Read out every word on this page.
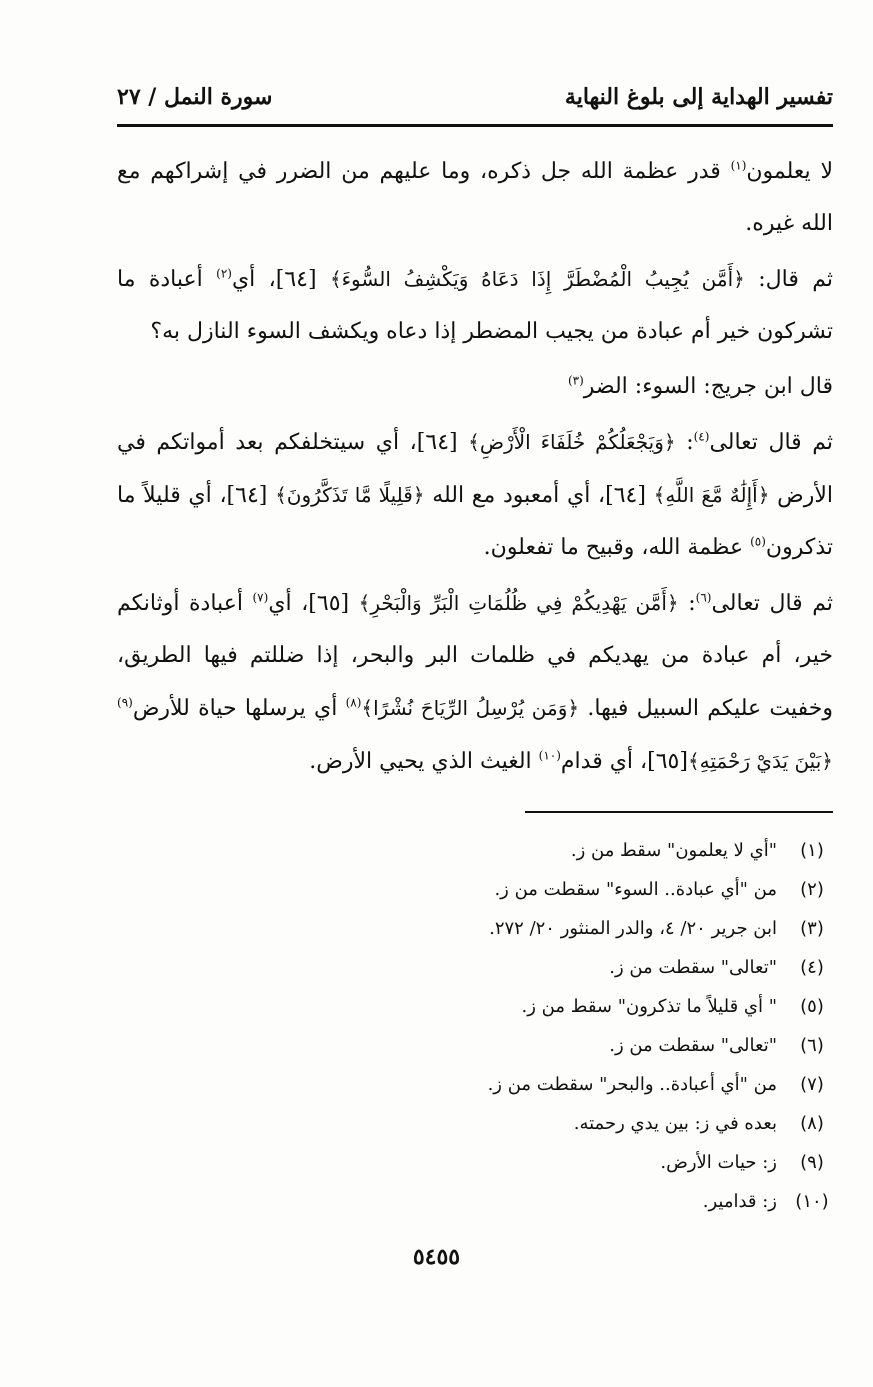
تفسير الهداية إلى بلوغ النهاية
سورة النمل / ٢٧

لا يعلمون$^{(١)}$ قدر عظمة الله جل ذكره، وما عليهم من الضرر في إشراكهم مع الله غيره.

ثم قال: ﴿أَمَّن يُجِيبُ الْمُضْطَرَّ إِذَا دَعَاهُ وَيَكْشِفُ السُّوءَ﴾ [٦٤]، أي$^{(٢)}$ أعبادة ما تشركون خير أم عبادة من يجيب المضطر إذا دعاه ويكشف السوء النازل به؟

قال ابن جريج: السوء: الضر$^{(٣)}$

ثم قال تعالى$^{(٤)}$: ﴿وَيَجْعَلُكُمْ خُلَفَاءَ الْأَرْضِ﴾ [٦٤]، أي سيتخلفكم بعد أمواتكم في الأرض ﴿أَإِلَٰهٌ مَّعَ اللَّهِ﴾ [٦٤]، أي أمعبود مع الله ﴿قَلِيلًا مَّا تَذَكَّرُونَ﴾ [٦٤]، أي قليلاً ما تذكرون$^{(٥)}$ عظمة الله، وقبيح ما تفعلون.

ثم قال تعالى$^{(٦)}$: ﴿أَمَّن يَهْدِيكُمْ فِي ظُلُمَاتِ الْبَرِّ وَالْبَحْرِ﴾ [٦٥]، أي$^{(٧)}$ أعبادة أوثانكم خير، أم عبادة من يهديكم في ظلمات البر والبحر، إذا ضللتم فيها الطريق، وخفيت عليكم السبيل فيها. ﴿وَمَن يُرْسِلُ الرِّيَاحَ نُشْرًا﴾$^{(٨)}$ أي يرسلها حياة للأرض$^{(٩)}$ ﴿بَيْنَ يَدَيْ رَحْمَتِهِ﴾[٦٥]، أي قدام$^{(١٠)}$ الغيث الذي يحيي الأرض.

(١)
"أي لا يعلمون" سقط من ز.
(٢)
من "أي عبادة.. السوء" سقطت من ز.
(٣)
ابن جرير ٢٠/ ٤، والدر المنثور ٢٠/ ٢٧٢.
(٤)
"تعالى" سقطت من ز.
(٥)
" أي قليلاً ما تذكرون" سقط من ز.
(٦)
"تعالى" سقطت من ز.
(٧)
من "أي أعبادة.. والبحر" سقطت من ز.
(٨)
بعده في ز: بين يدي رحمته.
(٩)
ز: حيات الأرض.
(١٠)
ز: قدامير.
٥٤٥٥
